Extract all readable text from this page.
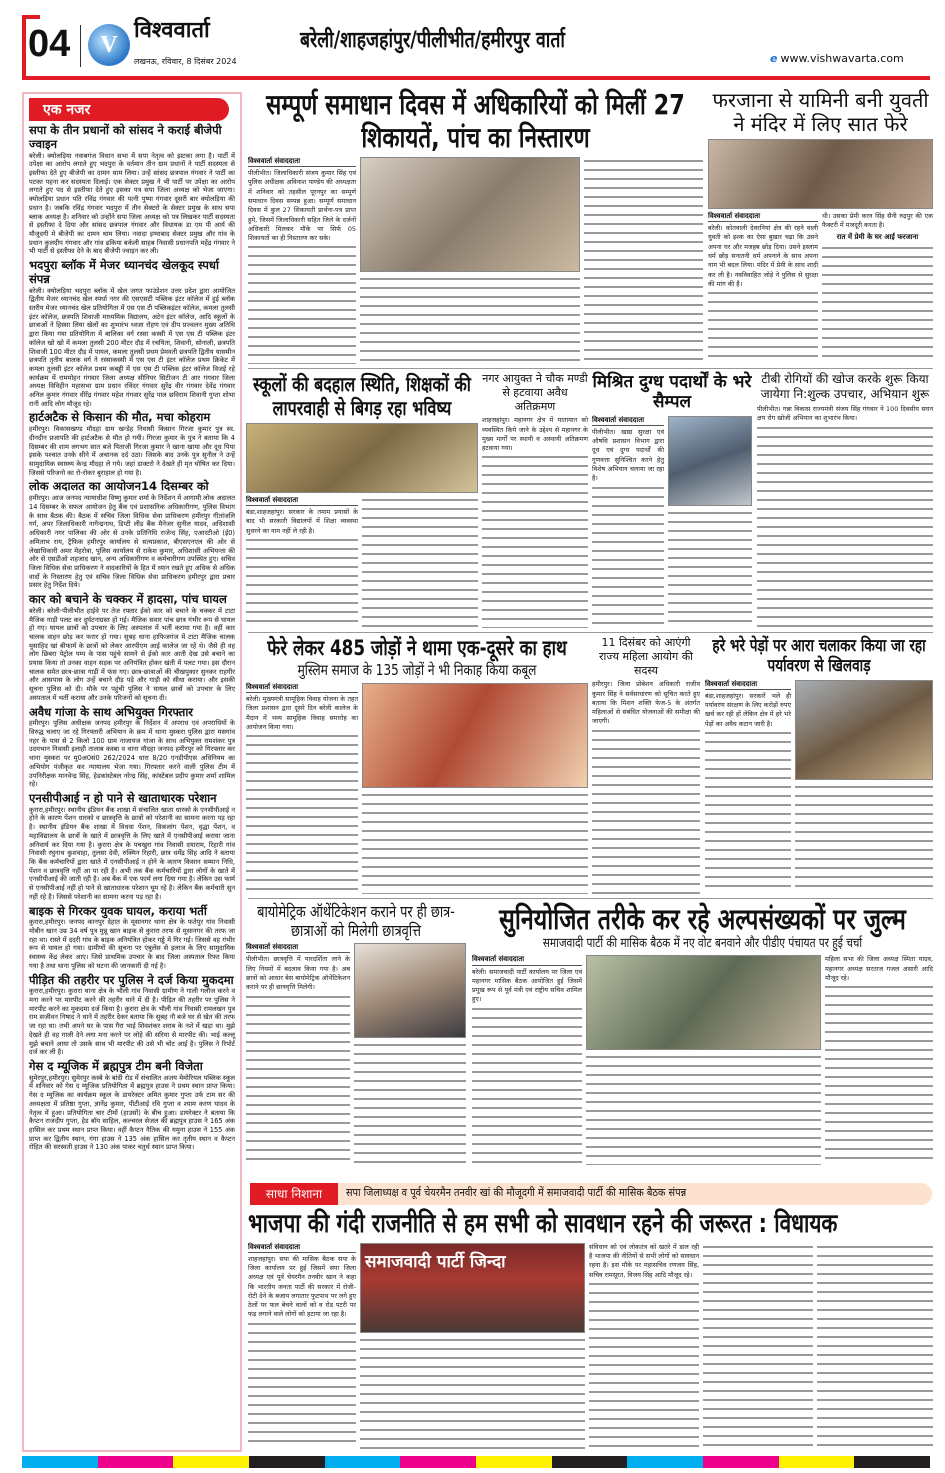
04	V
विश्ववार्ता
लखनऊ, रविवार, 8 दिसंबर 2024
बरेली/शाहजहांपुर/पीलीभीत/हमीरपुर वार्ता
e www.vishwavarta.com
एक नजर
सपा के तीन प्रधानों को सांसद ने कराई बीजेपी ज्वाइन
बरेली। क्योलड़िया नवाबगंज विधान सभा में सपा नेतृत्व को झटका लगा है। पार्टी में उपेक्षा का आरोप लगाते हुए भदपुरा के वर्तमान तीन ग्राम प्रधानों ने पार्टी सदस्यता से इस्तीफा देते हुए बीजेपी का दामन थाम लिया। उन्हें सांसद छत्रपाल गंगवार ने पार्टी का पटका पहना कर सदस्यता दिलाई। एक सेक्टर प्रमुख ने भी पार्टी पर उपेक्षा का आरोप लगाते हुए पद से इस्तीफा देते हुए इसका पत्र सपा जिला अध्यक्ष को भेजा जाएगा। क्योलड़िया प्रधान पति रविंद्र गंगवार की पत्नी पुष्पा गंगवार दूसरी बार क्योलड़िया की प्रधान है। जबकि रविंद्र गंगवार भदपुरा में तीन सेक्टरो के सेक्टर प्रमुख के साथ सपा ब्लाक अध्यक्ष है। शनिवार को उन्होंने सपा जिला अध्यक्ष को पत्र लिखकर पार्टी सदस्यता से इस्तीफा दे दिया और सांसद छत्रपाल गंगवार और विधायक डा एम पी आर्य की मौजूदगी मे बीजेपी का दामन थाम लिया। नवादा इग्माबाद सेक्टर प्रमुख और गांव के प्रधान कुलदीप गंगवार और गांव ढकिया बर्कली साहब निवासी प्रधानपति महेंद्र गंगवार ने भी पार्टी से इस्तीफा देने के बाद बीजेपी ज्वाइन कर ली।
भदपुरा ब्लॉक में मेजर ध्यानचंद खेलकूद स्पर्धा संपन्न
बरेली। क्योलड़िया भदपुरा ब्लॉक में खेल जगत फाउंडेशन उत्तर प्रदेश द्वारा आयोजित द्वितीय मेजर ध्यानचंद खेल स्पर्धा नगर की एसएसटी पब्लिक इंटर कॉलेज में हुई ब्लॉक स्तरीय मेजर ध्यानचंद खेल प्रतियोगिता में एस एस टी पब्लिकइंटर कॉलेज, कमला तुलसी इंटर कॉलेज, छत्रपति शिवाजी माध्यमिक विद्यालय, अटेन इंटर कॉलेज, आदि स्कूलों के छात्राओं ने हिस्सा लिया खेलों का शुभारंभ ध्वजा रोहण एवं दीप प्रज्वलन मुख्य अतिथि द्वारा किया गया प्रतियोगिता में बालिका वर्ग रस्सा कस्सी में एस एस टी पब्लिक इंटर कॉलेज खो खो में कमला तुलसी 200 मीटर दौड़ में रचयिता, शिवानी, सोनाली, छत्रपति शिवाजी 100 मीटर दौड़ में पायल, कमला तुलसी प्रथम प्रेमवती छत्रपति द्वितीय यासमीन छत्रपति तृतीय बालक वर्ग ने रस्साकस्सी में एस एस टी इंटर कॉलेज प्रथम क्रिकेट में कमला तुलसी इंटर कॉलेज प्रथम कबड्डी में एस एस टी पब्लिक इंटर कॉलेज विजई रहे कार्यक्रम में राममोहन गंगवार जिला अध्यक्ष सीनियर सिटीजन टी आर गंगवार जिला अध्यक्ष विविहीन महासभा ग्राम प्रधान रविंदर गंगवार सुरेंद्र वीर गंगवार देवेंद्र गंगवार अनिल कुमार गंगवार वीरेंद्र गंगवार महेश गंगवार सुरेंद्र पाल छविराम शिवानी गुप्ता शोभा रानी आदि लोग मौजूद रहे।
हार्टअटैक से किसान की मौत, मचा कोहराम
हमीरपुर। विकासखण्ड मौदहा ग्राम खन्डेह निवासी किसान गिरजा कुमार पुत्र स्व. दीनदीन प्रजापति की हार्टअटैक से मौत हो गयी। गिरजा कुमार के पुत्र ने बताया कि 4 दिसम्बर की शाम लगभग सात बजे पिताजी गिरजा कुमार ने खाना खाया और दूध पिया इसके पश्चात उनके सीने में अचानक दर्द उठा। जिसके बाद उनके पुत्र सुनील ने उन्हें सामुदायिक स्वास्थ्य केन्द्र मौदहा ले गये। जहां डाक्टरो ने देखते ही मृत घोषित कर दिया। जिससे परिजनो का रो-रोकर बुराहाल हो गया है।
लोक अदालत का आयोजन14 दिसम्बर को
हमीरपुर। आज जनपद न्यायाधीश विष्णु कुमार शर्मा के निर्देशन में आगामी लोक अदालत 14 दिसम्बर के सफल आयोजन हेतु बैंक एवं प्रशासनिक अधिकारीगण, पुलिस विभाग के साथ बैठक की। बैठक में सचिव जिला विधिक सेवा प्राधिकरण हमीरपुर गीतांजलि गर्ग, अपर जिलाधिकारी नागेन्द्रनाथ, डिप्टी लीड बैंक मैनेजर सुनील यादव, अधिशासी अधिकारी नगर पालिका की ओर से उनके प्रतिनिधि राजेन्द सिंह, एआरटीओ (ई0) अमिताभ राय, ट्रैफिक हमीरपुर कार्यालय से सत्यप्रकाश, बीएसएनएल की ओर से लेखाधिकारी अमर मेहरोत्रा, पुलिस कार्यालय से राकेश कुमार, अधिशासी अभियन्ता की ओर से एसडीओ शहजाद खान, अन्य अधिकारीगण व कर्मचारीगण उपस्थित हुए। सचिव जिला विधिक सेवा प्राधिकरण ने वादकारियों के हित में ध्यान रखते हुए अधिक से अधिक वादों के निस्तारण हेतु एवं सचिव जिला विधिक सेवा प्राधिकरण हमीरपुर द्वारा प्रचार प्रसार हेतु निर्देश दिये।
कार को बचाने के चक्कर में हादसा, पांच घायल
बरेली। बरेली-पीलीभीत हाईवे पर तेज रफ्तार ईको कार को बचाने के चक्कर में टाटा मैजिक गाड़ी पलट कर दुर्घटनाग्रस्त हो गई। मैजिक सवार पांच छात्र गंभीर रूप से घायल हो गए। घायल छात्रों को उपचार के लिए अस्पताल में भर्ती कराया गया है। वहीं कार चालक वाहन छोड़ कर फरार हो गया। सुबह थाना हाफिजगंज में टाटा मैजिक चालक मुसाहिद खां बीफार्म के छात्रों को लेकर आरपीएम आई कालेज जा रहे थे। जैसे ही वह लोग छिबरा पेट्रोल पम्प के पास पहुंचे सामने से ईको कार आती देख उसे बचाने का प्रयास किया तो उनका वाहन सड़क पर अनियंत्रित होकर खंती में पलट गया। इस दौरान चालक समेत छात्र-छात्रा गाड़ी में फंस गए। छात्र-छात्राओं की चीखपुकार सुनकर राहगीर और आसपास के लोग उन्हें बचाने दौड़ पड़े और गाड़ी को सीधा कराया। और इसकी सूचना पुलिस को दी। मौके पर पहुंची पुलिस ने घायल छात्रों को उपचार के लिए अस्पताल में भर्ती कराया और उनके परिजनों को सूचना दी।
अवैध गांजा के साथ अभियुक्त गिरफ्तार
हमीरपुर। पुलिस अधीक्षक जनपद हमीरपुर के निर्देशन में अपराध एवं अपराधियों के विरुद्ध चलाए जा रहे गिरफ्तारी अभियान के क्रम में थाना मुस्करा पुलिस द्वारा मसगांव नहर के पास से 2 किलो 100 ग्राम नाजायज गांजा के साथ अभियुक्त रामशंकर पुत्र उदयभान निवासी इलाही तालाब कस्बा व थाना मौदहा जनपद हमीरपुर को गिरफ्तार कर थाना मुस्करा पर मु0अ0सं0 262/2024 धारा 8/20 एनडीपीएस अधिनियम का अभियोग पंजीकृत कर न्यायालय भेजा गया। गिरफ्तार करने वाली पुलिस टीम में उपनिरीक्षक मानवेन्द्र सिंह, हेडकांस्टेबल नरेन्द्र सिंह, कांस्टेबल प्रदीप कुमार शर्मा शामिल रहे।
एनसीपीआई न हो पाने से खाताधारक परेशान
कुरारा,हमीरपुर। स्थानीय इंडियन बैंक शाखा में संचालित खाता धारको के एनसीपीआई न होने के कारण पेंशन धारको व छात्रवृत्ति के छात्रों को परेशानी का सामना करना पड़ रहा है। स्थानीय इंडियन बैंक शाखा में विधवा पेंशन, विकलांग पेंशन, वृद्धा पेंशन, व महाविद्यालय के छात्रों के खाते में छात्रवृत्ति के लिए खाते में एनसीपीआई कराया जाना अनिवार्य कर दिया गया है। कुरारा क्षेत्र के पचखुरा गांव निवासी दयाराम, रिहारी गांव निवासी रघुनाथ कुशवाहा, तुलसा देवी, रुक्मिन रिहारी, छात्र धर्मेंद्र सिंह आदि ने बताया कि बैंक कर्मचारियों द्वारा खाते में एनसीपीआई न होने के कारण किसान सम्मान निधि, पेंशन व छात्रवृत्ति नहीं आ पा रही है। अभी तक बैंक कर्मचारियों द्वारा लोगों के खाते में एनसीपीआई की जाती रही है। अब बैंक में एक फार्म लगा दिया गया है। लेकिन उस फार्म से एनसीपीआई नहीं हो पाने से खाताधारक परेशान घूम रहे है। लेकिन बैंक कर्मचारी सुन नहीं रहे है। जिससे परेशानी का सामना करना पड़ रहा है।
बाइक से गिरकर युवक घायल, कराया भर्ती
कुरारा,हमीरपुर। जनपद कानपुर देहात के मूसानगर थाना क्षेत्र के फतेपुर गांव निवासी मोबीन खान उम्र 34 वर्ष पुत्र मुन्नू खान बाइक से कुरारा तरफ से मूसानगर की तरफ जा रहा था। रास्ते में ददरी गांव के बाइक अनियंत्रित होकर गड्ढे में गिर गई। जिससे वह गंभीर रूप से घायल हो गया। ग्रामीणों की सूचना पर एंबुलेंस से इलाज के लिए सामुदायिक स्वास्थ्य केंद्र लेकर आए। जिसे प्राथमिक उपचार के बाद जिला अस्पताल रिफर किया गया है तथा थाना पुलिस को घटना की जानकारी दी गई है।
पीड़ित की तहरीर पर पुलिस ने दर्ज किया मुकदमा
कुरारा,हमीरपुर। कुरारा थाना क्षेत्र के भौली गांव निवासी ग्रामीण ने गाली गलौज करने व मना करने पर मारपीट करने की तहरीर थाने में दी है। पीड़ित की तहरीर पर पुलिस ने मारपीट करने का मुकदमा दर्ज किया है। कुरारा क्षेत्र के भौली गांव निवासी रामलखन पुत्र राम सजीवन निषाद ने थाने में तहरीर देकर बताया कि सुबह नौ बजे घर से खेत की तरफ जा रहा था। तभी अपने घर के पास गैरा भाई शिवशंकर शराब के नशे में खड़ा था। मुझे देखते ही वह गाली देने लगा मना करने पर लोहे की सरिया से मारपीट की। भाई कल्लू मुझे बचाने आया तो उसके साथ भी मारपीट की उसे भी चोट आई है। पुलिस ने रिपोर्ट दर्ज कर ली है।
गेस द म्यूजिक में ब्रह्मपुत्र टीम बनी विजेता
सुमेरपुर,हमीरपुर। सुमेरपुर कस्बे के बांदी रोड में संचालित अजय मेमोरियल पब्लिक स्कूल में शनिवार को गेस द म्यूजिक प्रतियोगिता में ब्रह्मपुत्र हाउस ने प्रथम स्थान प्राप्त किया। गेस द म्यूजिक का कार्यक्रम स्कूल के डायरेक्टर अमित कुमार गुप्ता उर्फ टाम सर की अध्यक्षता में प्रतिष्ठा गुप्ता, ज्ञानेंद्र कुमार, पीटीआई रवि गुप्ता व श्याम करण यादव के नेतृत्व में हुआ। प्रतियोगिता चार टीमों (हाउसों) के बीच हुआ। डायरेक्टर ने बताया कि कैप्टन राजदीप गुप्ता, हेड बॉय साहिल, कल्चरल सेजल की ब्रह्मपुत्र हाउस ने 165 अंक हासिल कर प्रथम स्थान प्राप्त किया। वहीं कैप्टन नैतिक की यमुना हाउस ने 155 अंक प्राप्त कर द्वितीय स्थान, गंगा हाउस ने 135 अंक हासिल कर तृतीय स्थान व कैप्टन रोहित की सरस्वती हाउस ने 130 अंक पाकर चतुर्थ स्थान प्राप्त किया।
सम्पूर्ण समाधान दिवस में अधिकारियों को मिलीं 27 शिकायतें, पांच का निस्तारण
विश्ववार्ता संवाददाता
पीलीभीत। जिलाधिकारी संजय कुमार सिंह एवं पुलिस अधीक्षक अविनाश पाण्डेय की अध्यक्षता में शनिवार को तहसील पूरनपुर का सम्पूर्ण समाधान दिवस सम्पन्न हुआ। सम्पूर्ण समाधान दिवस में कुल 27 शिकायती प्रार्थना-पत्र प्राप्त हुये, जिसमें जिलाधिकारी सहित जिले के दर्जनों अधिकारी मिलकर मौके पर सिर्फ 05 शिकायतों का ही निस्तारण कर सके।
फरजाना से यामिनी बनी युवती ने मंदिर में लिए सात फेरे
विश्ववार्ता संवाददाता
बरेली। कोतवाली देवरनियां क्षेत्र की रहने वाली युवती को इश्क का ऐसा बुखार चढ़ा कि उसने अपना घर और मजहब छोड़ दिया। उसने इस्लाम धर्म छोड़ सनातनी धर्म अपनाने के साथ अपना नाम भी बदल लिया। मंदिर में प्रेमी के साथ शादी कर ली है। नवविवाहित जोड़े ने पुलिस से सुरक्षा की मांग की है।
थी। उसका प्रेमी करन सिंह सैनी रुद्रपुर की एक फैक्टरी में मजदूरी करता है।
रात में प्रेमी के घर आई फरजाना
स्कूलों की बदहाल स्थिति, शिक्षकों की लापरवाही से बिगड़ रहा भविष्य
विश्ववार्ता संवाददाता
बंडा,शाहजहांपुर। सरकार के तमाम प्रयासों के बाद भी सरकारी विद्यालयों में शिक्षा व्यवस्था सुधरने का नाम नहीं ले रही है।
नगर आयुक्त ने चौक मण्डी से हटवाया अवैध अतिक्रमण
शाहजहांपुर। महानगर क्षेत्र में यातायात को व्यवस्थित किये जाने के उद्देश्य से महानगर के मुख्य मार्गों पर स्थायी व अस्थायी अतिक्रमण हटवाया गया।
मिश्रित दुग्ध पदार्थों के भरे सैम्पल
विश्ववार्ता संवाददाता
पीलीभीत। खाद्य सुरक्षा एवं औषधि प्रशासन विभाग द्वारा दूध एवं दुग्ध पदार्थों की गुणवत्ता सुनिश्चित करने हेतु विशेष अभियान चलाया जा रहा है।
टीबी रोगियों की खोज करके शुरू किया जायेगा नि:शुल्क उपचार, अभियान शुरू
पीलीभीत। गन्ना विकास राज्यमंत्री संजय सिंह गंगवार ने 100 दिवसीय सघन क्षय रोग खोजी अभियान का शुभारंभ किया।
फेरे लेकर 485 जोड़ों ने थामा एक-दूसरे का हाथ
मुस्लिम समाज के 135 जोड़ों ने भी निकाह किया कबूल
विश्ववार्ता संवाददाता
बरेली। मुख्यमंत्री सामूहिक विवाह योजना के तहत जिला प्रशासन द्वारा दूसरे दिन बरेली कालेज के मैदान में भव्य सामूहिक विवाह समारोह का आयोजन किया गया।
11 दिसंबर को आएंगी राज्य महिला आयोग की सदस्य
हमीरपुर। जिला प्रोबेशन अधिकारी राजीव कुमार सिंह ने सर्वसाधारण को सूचित करते हुए बताया कि मिशन शक्ति फेज-5 के अंतर्गत महिलाओं से संबंधित योजनाओं की समीक्षा की जाएगी।
हरे भरे पेड़ों पर आरा चलाकर किया जा रहा पर्यावरण से खिलवाड़
विश्ववार्ता संवाददाता
बंडा,शाहजहांपुर। सरकारें भले ही पर्यावरण संरक्षण के लिए करोड़ों रुपए खर्च कर रही हों लेकिन क्षेत्र में हरे भरे पेड़ों का अवैध कटान जारी है।
बायोमेट्रिक ऑथेंटिकेशन कराने पर ही छात्र-छात्राओं को मिलेगी छात्रवृत्ति
विश्ववार्ता संवाददाता
पीलीभीत। छात्रवृत्ति में पारदर्शिता लाने के लिए नियमों में बदलाव किया गया है। अब छात्रों को आधार बेस बायोमेट्रिक ऑथेंटिकेशन कराने पर ही छात्रवृत्ति मिलेगी।
सुनियोजित तरीके कर रहे अल्पसंख्यकों पर जुल्म
समाजवादी पार्टी की मासिक बैठक में नए वोट बनवाने और पीडीए पंचायत पर हुई चर्चा
विश्ववार्ता संवाददाता
बरेली। समाजवादी पार्टी कार्यालय पर जिला एवं महानगर मासिक बैठक आयोजित हुई जिसमें प्रमुख रूप से पूर्व मंत्री एवं राष्ट्रीय सचिव शामिल हुए।
महिला सभा की जिला अध्यक्ष स्मिता यादव, महानगर अध्यक्ष सरताज गजल अंसारी आदि मौजूद रहे।
साधा निशाना	सपा जिलाध्यक्ष व पूर्व चेयरमैन तनवीर खां की मौजूदगी में समाजवादी पार्टी की मासिक बैठक संपन्न
भाजपा की गंदी राजनीति से हम सभी को सावधान रहने की जरूरत : विधायक
विश्ववार्ता संवाददाता
शाहजहांपुर। सपा की मासिक बैठक सपा के जिला कार्यालय पर हुई जिसमें सपा जिला अध्यक्ष एवं पूर्व चेयरमैन तनवीर खान ने कहा कि भारतीय जनता पार्टी की सरकार में रोजी-रोटी देने के बजाय लगातार फुटपाथ पर लगे हुए ठेलों पर फल बेचने वालों को व रोड पटरी पर फड़ लगाने वाले लोगों को हटाया जा रहा है।
समाजवादी पार्टी जिन्दा
संविधान को एवं लोकतंत्र को खतरे में डाल रही है भाजपा की नीतियों से सभी लोगों को सावधान रहना है। इस मौके पर महासचिव रणजय सिंह, सचिव रामसूरत, विजय सिंह आदि मौजूद रहे।
